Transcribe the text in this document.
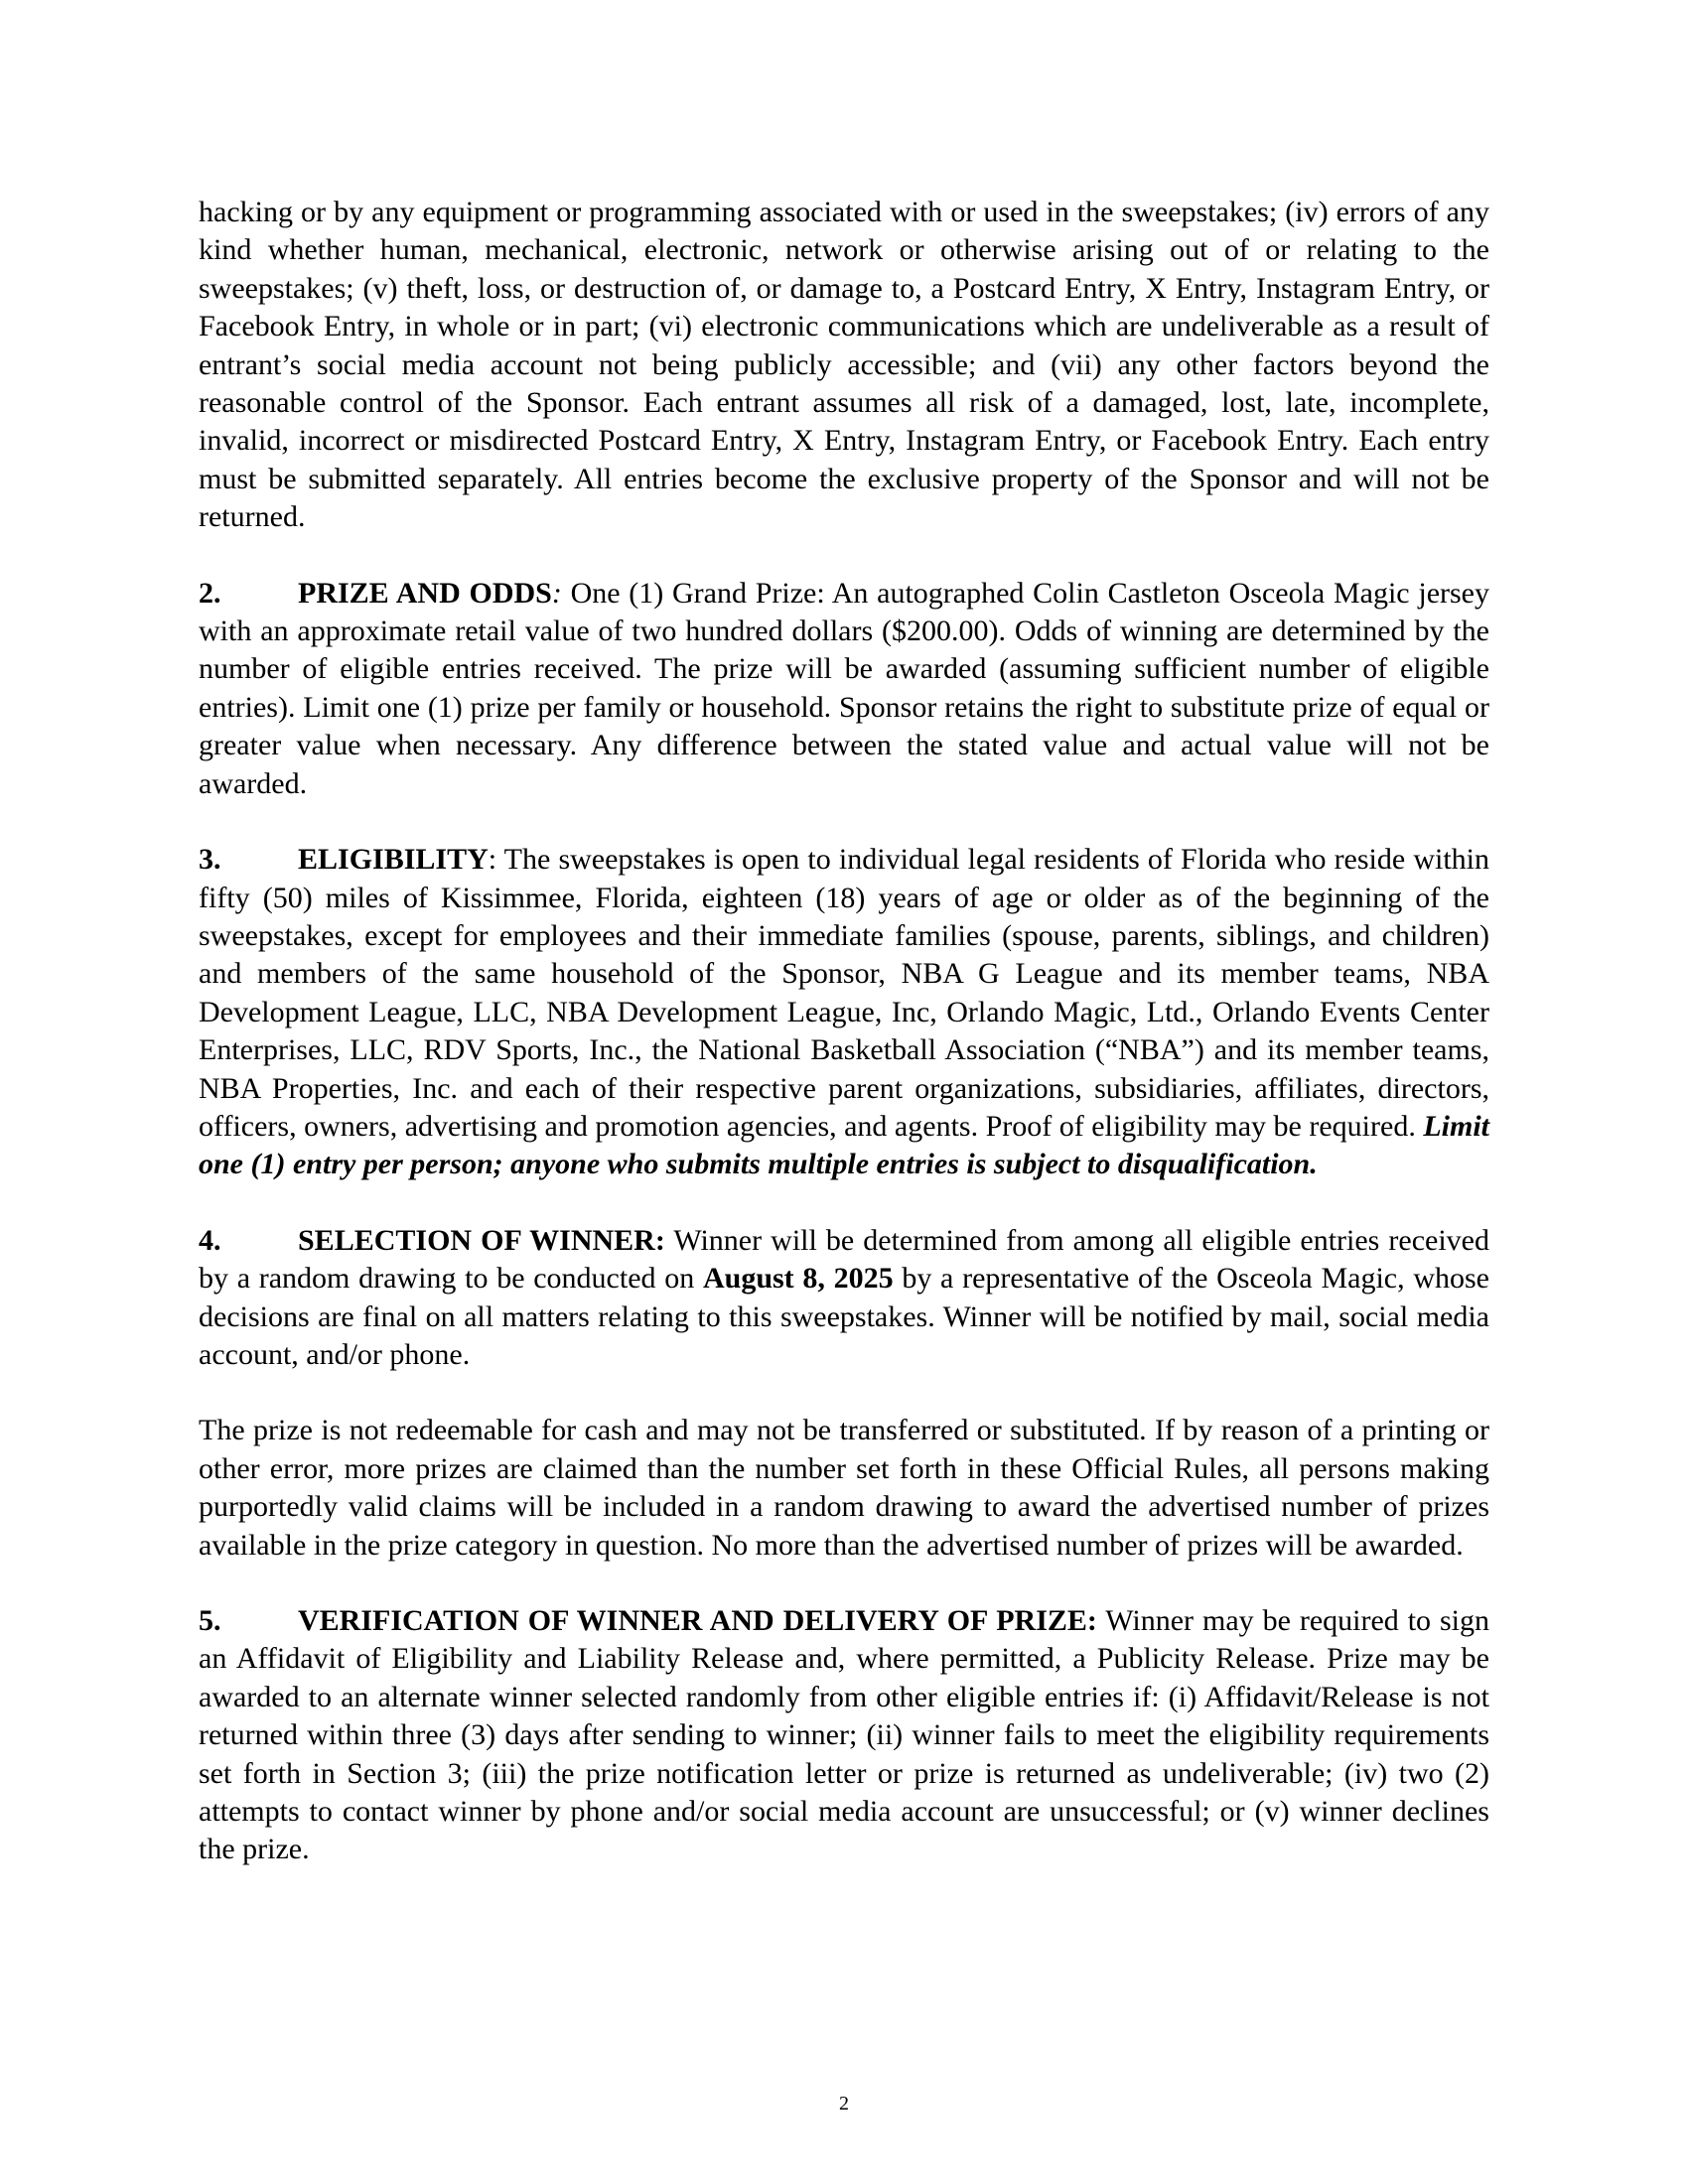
hacking or by any equipment or programming associated with or used in the sweepstakes; (iv) errors of any kind whether human, mechanical, electronic, network or otherwise arising out of or relating to the sweepstakes; (v) theft, loss, or destruction of, or damage to, a Postcard Entry, X Entry, Instagram Entry, or Facebook Entry, in whole or in part; (vi) electronic communications which are undeliverable as a result of entrant’s social media account not being publicly accessible; and (vii) any other factors beyond the reasonable control of the Sponsor. Each entrant assumes all risk of a damaged, lost, late, incomplete, invalid, incorrect or misdirected Postcard Entry, X Entry, Instagram Entry, or Facebook Entry. Each entry must be submitted separately. All entries become the exclusive property of the Sponsor and will not be returned.

2.	PRIZE AND ODDS: One (1) Grand Prize: An autographed Colin Castleton Osceola Magic jersey with an approximate retail value of two hundred dollars ($200.00). Odds of winning are determined by the number of eligible entries received. The prize will be awarded (assuming sufficient number of eligible entries). Limit one (1) prize per family or household. Sponsor retains the right to substitute prize of equal or greater value when necessary. Any difference between the stated value and actual value will not be awarded.

3.	ELIGIBILITY: The sweepstakes is open to individual legal residents of Florida who reside within fifty (50) miles of Kissimmee, Florida, eighteen (18) years of age or older as of the beginning of the sweepstakes, except for employees and their immediate families (spouse, parents, siblings, and children) and members of the same household of the Sponsor, NBA G League and its member teams, NBA Development League, LLC, NBA Development League, Inc, Orlando Magic, Ltd., Orlando Events Center Enterprises, LLC, RDV Sports, Inc., the National Basketball Association (“NBA”) and its member teams, NBA Properties, Inc. and each of their respective parent organizations, subsidiaries, affiliates, directors, officers, owners, advertising and promotion agencies, and agents. Proof of eligibility may be required. Limit one (1) entry per person; anyone who submits multiple entries is subject to disqualification.

4.	SELECTION OF WINNER: Winner will be determined from among all eligible entries received by a random drawing to be conducted on August 8, 2025 by a representative of the Osceola Magic, whose decisions are final on all matters relating to this sweepstakes. Winner will be notified by mail, social media account, and/or phone.

The prize is not redeemable for cash and may not be transferred or substituted. If by reason of a printing or other error, more prizes are claimed than the number set forth in these Official Rules, all persons making purportedly valid claims will be included in a random drawing to award the advertised number of prizes available in the prize category in question. No more than the advertised number of prizes will be awarded.

5.	VERIFICATION OF WINNER AND DELIVERY OF PRIZE: Winner may be required to sign an Affidavit of Eligibility and Liability Release and, where permitted, a Publicity Release. Prize may be awarded to an alternate winner selected randomly from other eligible entries if: (i) Affidavit/Release is not returned within three (3) days after sending to winner; (ii) winner fails to meet the eligibility requirements set forth in Section 3; (iii) the prize notification letter or prize is returned as undeliverable; (iv) two (2) attempts to contact winner by phone and/or social media account are unsuccessful; or (v) winner declines the prize.

2
